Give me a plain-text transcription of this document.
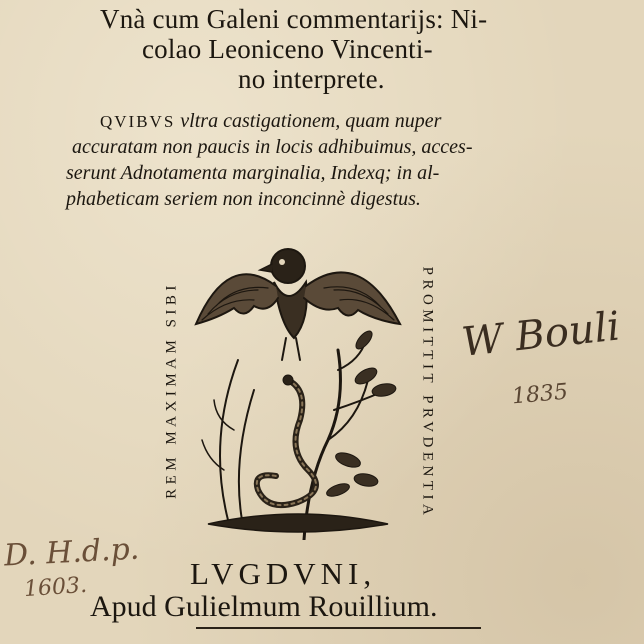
Vnà cum Galeni commentarijs: Ni-
colao Leoniceno Vincenti-
no interprete.
QVIBVS vltra castigationem, quam nuper
accuratam non paucis in locis adhibuimus, acces-
serunt Adnotamenta marginalia, Indexq; in al-
phabeticam seriem non inconcinnè digestus.
REM MAXIMAM SIBI	PROMITTIT PRVDENTIA
LVGDVNI,
Apud Gulielmum Rouillium.
W Bouli
1835
D. H.d.p.
1603.
